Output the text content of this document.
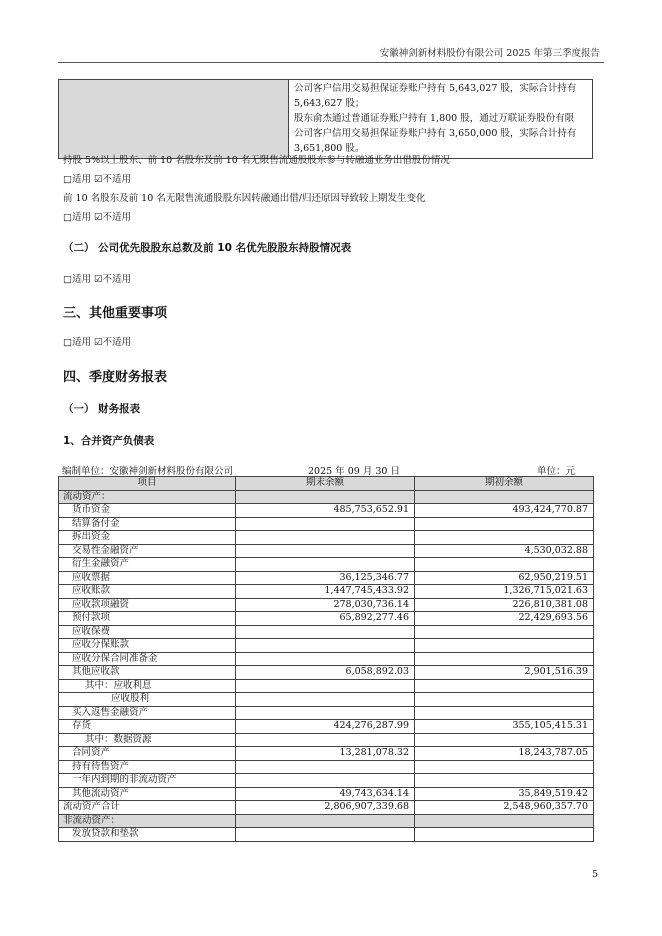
安徽神剑新材料股份有限公司 2025 年第三季度报告

公司客户信用交易担保证券账户持有 5,643,027 股，实际合计持有
5,643,627 股；
股东俞杰通过普通证券账户持有 1,800 股，通过万联证券股份有限
公司客户信用交易担保证券账户持有 3,650,000 股，实际合计持有
3,651,800 股。
持股 5%以上股东、前 10 名股东及前 10 名无限售流通股股东参与转融通业务出借股份情况
□适用 ☑不适用
前 10 名股东及前 10 名无限售流通股股东因转融通出借/归还原因导致较上期发生变化
□适用 ☑不适用
（二） 公司优先股股东总数及前 10 名优先股股东持股情况表
□适用 ☑不适用
三、其他重要事项
□适用 ☑不适用
四、季度财务报表
（一） 财务报表
1、合并资产负债表
编制单位：安徽神剑新材料股份有限公司	2025 年 09 月 30 日	单位：元
项目	期末余额	期初余额
流动资产：		
货币资金	485,753,652.91	493,424,770.87
结算备付金		
拆出资金		
交易性金融资产		4,530,032.88
衍生金融资产		
应收票据	36,125,346.77	62,950,219.51
应收账款	1,447,745,433.92	1,326,715,021.63
应收款项融资	278,030,736.14	226,810,381.08
预付款项	65,892,277.46	22,429,693.56
应收保费		
应收分保账款		
应收分保合同准备金		
其他应收款	6,058,892.03	2,901,516.39
其中：应收利息		
应收股利		
买入返售金融资产		
存货	424,276,287.99	355,105,415.31
其中：数据资源		
合同资产	13,281,078.32	18,243,787.05
持有待售资产		
一年内到期的非流动资产		
其他流动资产	49,743,634.14	35,849,519.42
流动资产合计	2,806,907,339.68	2,548,960,357.70
非流动资产：		
发放贷款和垫款		
5
